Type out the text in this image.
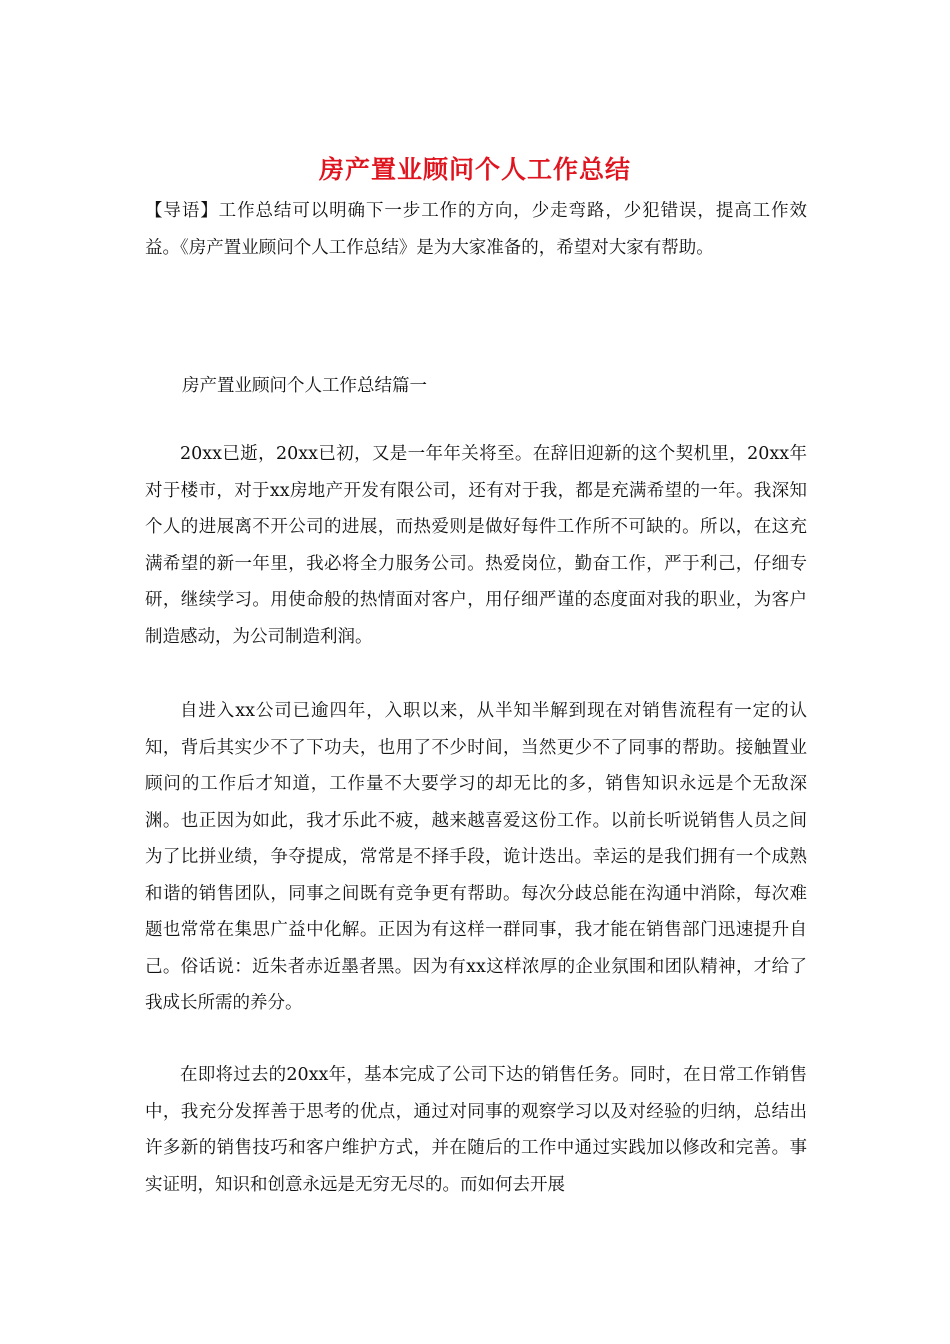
房产置业顾问个人工作总结
【导语】工作总结可以明确下一步工作的方向，少走弯路，少犯错误，提高工作效益。《房产置业顾问个人工作总结》是为大家准备的，希望对大家有帮助。
房产置业顾问个人工作总结篇一
20xx已逝，20xx已初，又是一年年关将至。在辞旧迎新的这个契机里，20xx年对于楼市，对于xx房地产开发有限公司，还有对于我，都是充满希望的一年。我深知个人的进展离不开公司的进展，而热爱则是做好每件工作所不可缺的。所以，在这充满希望的新一年里，我必将全力服务公司。热爱岗位，勤奋工作，严于利己，仔细专研，继续学习。用使命般的热情面对客户，用仔细严谨的态度面对我的职业，为客户制造感动，为公司制造利润。
自进入xx公司已逾四年，入职以来，从半知半解到现在对销售流程有一定的认知，背后其实少不了下功夫，也用了不少时间，当然更少不了同事的帮助。接触置业顾问的工作后才知道，工作量不大要学习的却无比的多，销售知识永远是个无敌深渊。也正因为如此，我才乐此不疲，越来越喜爱这份工作。以前长听说销售人员之间为了比拼业绩，争夺提成，常常是不择手段，诡计迭出。幸运的是我们拥有一个成熟和谐的销售团队，同事之间既有竞争更有帮助。每次分歧总能在沟通中消除，每次难题也常常在集思广益中化解。正因为有这样一群同事，我才能在销售部门迅速提升自己。俗话说：近朱者赤近墨者黑。因为有xx这样浓厚的企业氛围和团队精神，才给了我成长所需的养分。
在即将过去的20xx年，基本完成了公司下达的销售任务。同时，在日常工作销售中，我充分发挥善于思考的优点，通过对同事的观察学习以及对经验的归纳，总结出许多新的销售技巧和客户维护方式，并在随后的工作中通过实践加以修改和完善。事实证明，知识和创意永远是无穷无尽的。而如何去开展
